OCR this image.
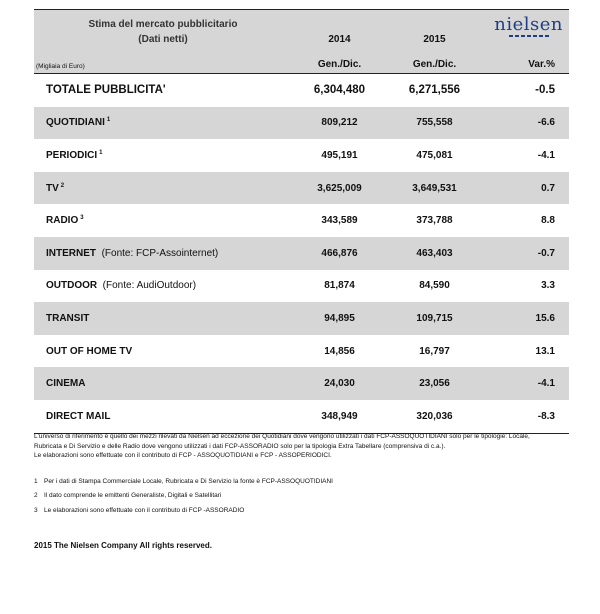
Stima del mercato pubblicitario			nielsen

(Dati netti)	2014	2015	
(Migliaia di Euro)	Gen./Dic.	Gen./Dic.	Var.%
TOTALE PUBBLICITA'	6,304,480	6,271,556	-0.5
QUOTIDIANI $^1$	809,212	755,558	-6.6
PERIODICI $^1$	495,191	475,081	-4.1
TV $^2$	3,625,009	3,649,531	0.7
RADIO $^3$	343,589	373,788	8.8
INTERNET (Fonte: FCP-Assointernet)	466,876	463,403	-0.7
OUTDOOR (Fonte: AudiOutdoor)	81,874	84,590	3.3
TRANSIT	94,895	109,715	15.6
OUT OF HOME TV	14,856	16,797	13.1
CINEMA	24,030	23,056	-4.1
DIRECT MAIL	348,949	320,036	-8.3

L'universo di riferimento è quello dei mezzi rilevati da Nielsen ad eccezione dei Quotidiani dove vengono utilizzati i dati FCP-ASSOQUOTIDIANI solo per le tipologie: Locale,

Rubricata e Di Servizio e delle Radio dove vengono utilizzati i dati FCP-ASSORADIO solo per la tipologia Extra Tabellare (comprensiva di c.a.).

Le elaborazioni sono effettuate con il contributo di FCP - ASSOQUOTIDIANI e FCP - ASSOPERIODICI.

1 Per i dati di Stampa Commerciale Locale, Rubricata e Di Servizio la fonte è FCP-ASSOQUOTIDIANI
2 Il dato comprende le emittenti Generaliste, Digitali e Satellitari
3 Le elaborazioni sono effettuate con il contributo di FCP -ASSORADIO
2015 The Nielsen Company All rights reserved.
